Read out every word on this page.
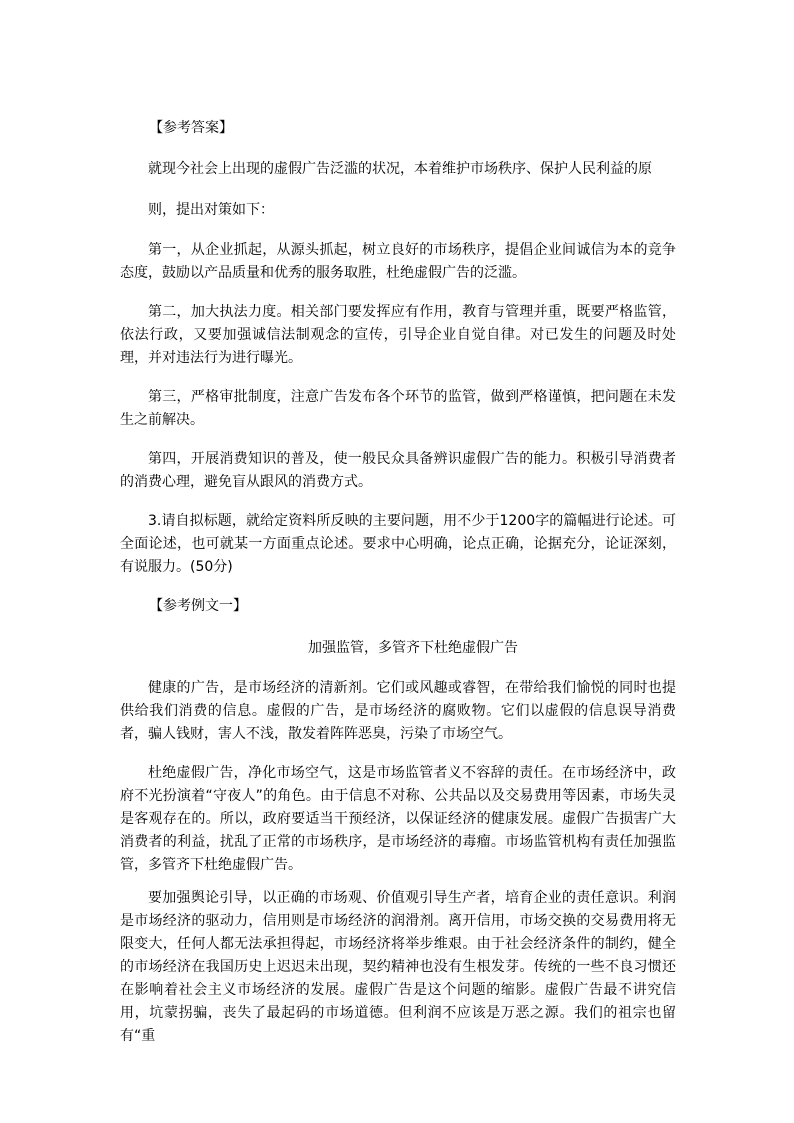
【参考答案】
就现今社会上出现的虚假广告泛滥的状况，本着维护市场秩序、保护人民利益的原
则，提出对策如下：
第一，从企业抓起，从源头抓起，树立良好的市场秩序，提倡企业间诚信为本的竞争态度，鼓励以产品质量和优秀的服务取胜，杜绝虚假广告的泛滥。
第二，加大执法力度。相关部门要发挥应有作用，教育与管理并重，既要严格监管，依法行政，又要加强诚信法制观念的宣传，引导企业自觉自律。对已发生的问题及时处理，并对违法行为进行曝光。
第三，严格审批制度，注意广告发布各个环节的监管，做到严格谨慎，把问题在未发生之前解决。
第四，开展消费知识的普及，使一般民众具备辨识虚假广告的能力。积极引导消费者的消费心理，避免盲从跟风的消费方式。
3.请自拟标题，就给定资料所反映的主要问题，用不少于1200字的篇幅进行论述。可全面论述，也可就某一方面重点论述。要求中心明确，论点正确，论据充分，论证深刻，有说服力。(50分)
【参考例文一】
加强监管，多管齐下杜绝虚假广告
健康的广告，是市场经济的清新剂。它们或风趣或睿智，在带给我们愉悦的同时也提供给我们消费的信息。虚假的广告，是市场经济的腐败物。它们以虚假的信息误导消费者，骗人钱财，害人不浅，散发着阵阵恶臭，污染了市场空气。
杜绝虚假广告，净化市场空气，这是市场监管者义不容辞的责任。在市场经济中，政府不光扮演着“守夜人”的角色。由于信息不对称、公共品以及交易费用等因素，市场失灵是客观存在的。所以，政府要适当干预经济，以保证经济的健康发展。虚假广告损害广大消费者的利益，扰乱了正常的市场秩序，是市场经济的毒瘤。市场监管机构有责任加强监管，多管齐下杜绝虚假广告。
要加强舆论引导，以正确的市场观、价值观引导生产者，培育企业的责任意识。利润是市场经济的驱动力，信用则是市场经济的润滑剂。离开信用，市场交换的交易费用将无限变大，任何人都无法承担得起，市场经济将举步维艰。由于社会经济条件的制约，健全的市场经济在我国历史上迟迟未出现，契约精神也没有生根发芽。传统的一些不良习惯还在影响着社会主义市场经济的发展。虚假广告是这个问题的缩影。虚假广告最不讲究信用，坑蒙拐骗，丧失了最起码的市场道德。但利润不应该是万恶之源。我们的祖宗也留有“重
